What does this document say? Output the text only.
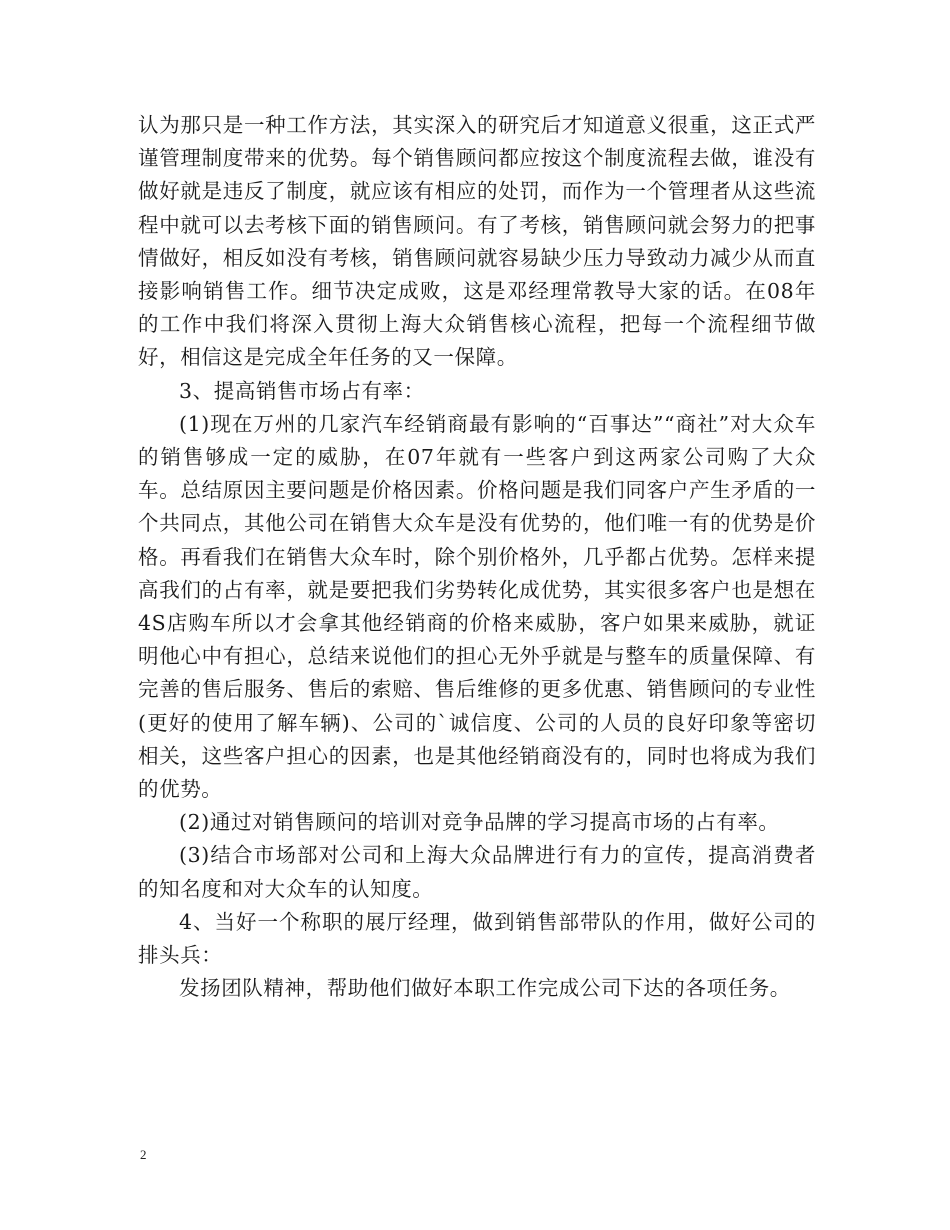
认为那只是一种工作方法，其实深入的研究后才知道意义很重，这正式严谨管理制度带来的优势。每个销售顾问都应按这个制度流程去做，谁没有做好就是违反了制度，就应该有相应的处罚，而作为一个管理者从这些流程中就可以去考核下面的销售顾问。有了考核，销售顾问就会努力的把事情做好，相反如没有考核，销售顾问就容易缺少压力导致动力减少从而直接影响销售工作。细节决定成败，这是邓经理常教导大家的话。在08年的工作中我们将深入贯彻上海大众销售核心流程，把每一个流程细节做好，相信这是完成全年任务的又一保障。

3、提高销售市场占有率：

(1)现在万州的几家汽车经销商最有影响的“百事达”“商社”对大众车的销售够成一定的威胁，在07年就有一些客户到这两家公司购了大众车。总结原因主要问题是价格因素。价格问题是我们同客户产生矛盾的一个共同点，其他公司在销售大众车是没有优势的，他们唯一有的优势是价格。再看我们在销售大众车时，除个别价格外，几乎都占优势。怎样来提高我们的占有率，就是要把我们劣势转化成优势，其实很多客户也是想在4S店购车所以才会拿其他经销商的价格来威胁，客户如果来威胁，就证明他心中有担心，总结来说他们的担心无外乎就是与整车的质量保障、有完善的售后服务、售后的索赔、售后维修的更多优惠、销售顾问的专业性(更好的使用了解车辆)、公司的`诚信度、公司的人员的良好印象等密切相关，这些客户担心的因素，也是其他经销商没有的，同时也将成为我们的优势。

(2)通过对销售顾问的培训对竞争品牌的学习提高市场的占有率。

(3)结合市场部对公司和上海大众品牌进行有力的宣传，提高消费者的知名度和对大众车的认知度。

4、当好一个称职的展厅经理，做到销售部带队的作用，做好公司的排头兵：

发扬团队精神，帮助他们做好本职工作完成公司下达的各项任务。

2
